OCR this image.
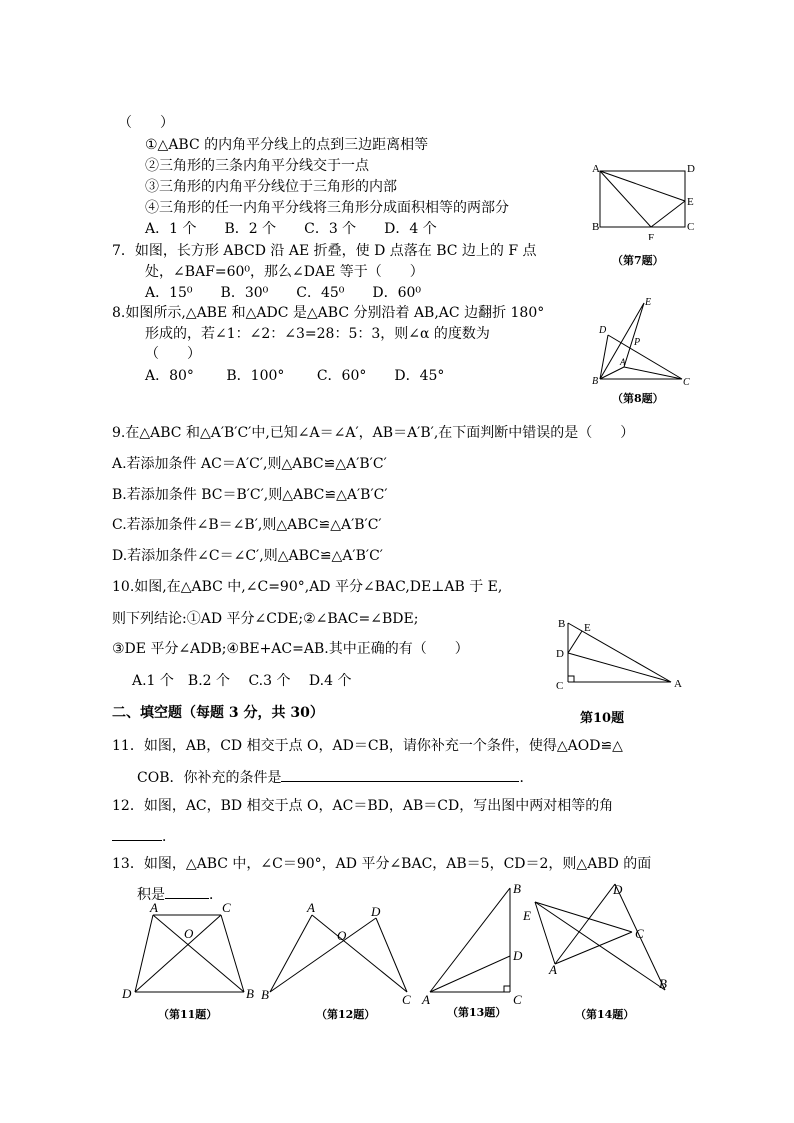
（　　）
①△ABC 的内角平分线上的点到三边距离相等
②三角形的三条内角平分线交于一点
③三角形的内角平分线位于三角形的内部
④三角形的任一内角平分线将三角形分成面积相等的两部分
A．1 个　　B．2 个　　C．3 个　　D．4 个
7．如图，长方形 ABCD 沿 AE 折叠，使 D 点落在 BC 边上的 F 点
处，∠BAF=60⁰，那么∠DAE 等于（　　）
A．15⁰　　B．30⁰　　C．45⁰　　D．60⁰
8.如图所示,△ABE 和△ADC 是△ABC 分别沿着 AB,AC 边翻折 180°
形成的，若∠1：∠2：∠3=28：5：3，则∠α 的度数为
（　　）
A．80°　　 B．100°　　 C．60°　　D．45°
9.在△ABC 和△A′B′C′中,已知∠A＝∠A′，AB＝A′B′,在下面判断中错误的是（　　）
A.若添加条件 AC＝A′C′,则△ABC≌△A′B′C′
B.若添加条件 BC＝B′C′,则△ABC≌△A′B′C′
C.若添加条件∠B＝∠B′,则△ABC≌△A′B′C′
D.若添加条件∠C＝∠C′,则△ABC≌△A′B′C′
10.如图,在△ABC 中,∠C=90°,AD 平分∠BAC,DE⊥AB 于 E,
则下列结论:①AD 平分∠CDE;②∠BAC=∠BDE;
③DE 平分∠ADB;④BE+AC=AB.其中正确的有（　　）
A.1 个　B.2 个　 C.3 个　 D.4 个
二、填空题（每题 3 分，共 30）
11．如图，AB，CD 相交于点 O，AD＝CB，请你补充一个条件，使得△AOD≌△
COB．你补充的条件是	．
12．如图，AC，BD 相交于点 O，AC＝BD，AB＝CD，写出图中两对相等的角
．
13．如图，△ABC 中，∠C＝90°，AD 平分∠BAC，AB＝5，CD＝2，则△ABD 的面
积是	．
A	D
E
B
F
C
（第7题）
E
D
P
B	C
A
（第8题）
B E
D
C	A
第10题
A	C
O
D	B
（第11题）
A	D
O
B	C
（第12题）
B
D
A	C
（第13题）
D
E
C
A
B
（第14题）
